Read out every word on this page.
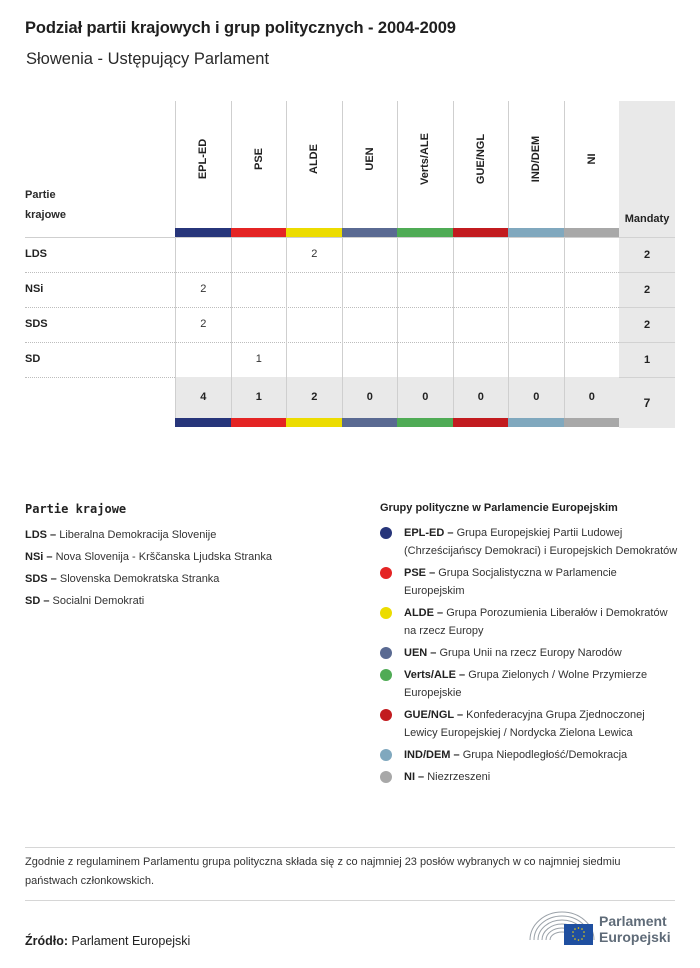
Podział partii krajowych i grup politycznych - 2004-2009
Słowenia - Ustępujący Parlament
Partie
krajowe
LDS
NSi
SDS
SD
EPL-ED
2
2
4
PSE
1
1
ALDE
2
2
UEN
0
Verts/ALE
0
GUE/NGL
0
IND/DEM
0
NI
0
Mandaty
2
2
2
1
7
Partie krajowe
LDS – Liberalna Demokracija Slovenije
NSi – Nova Slovenija - Krščanska Ljudska Stranka
SDS – Slovenska Demokratska Stranka
SD – Socialni Demokrati
Grupy polityczne w Parlamencie Europejskim
EPL-ED – Grupa Europejskiej Partii Ludowej (Chrześcijańscy Demokraci) i Europejskich Demokratów
PSE – Grupa Socjalistyczna w Parlamencie Europejskim
ALDE – Grupa Porozumienia Liberałów i Demokratów na rzecz Europy
UEN – Grupa Unii na rzecz Europy Narodów
Verts/ALE – Grupa Zielonych / Wolne Przymierze Europejskie
GUE/NGL – Konfederacyjna Grupa Zjednoczonej Lewicy Europejskiej / Nordycka Zielona Lewica
IND/DEM – Grupa Niepodległość/Demokracja
NI – Niezrzeszeni
Zgodnie z regulaminem Parlamentu grupa polityczna składa się z co najmniej 23 posłów wybranych w co najmniej siedmiu państwach członkowskich.
Źródło: Parlament Europejski
Parlament
Europejski
